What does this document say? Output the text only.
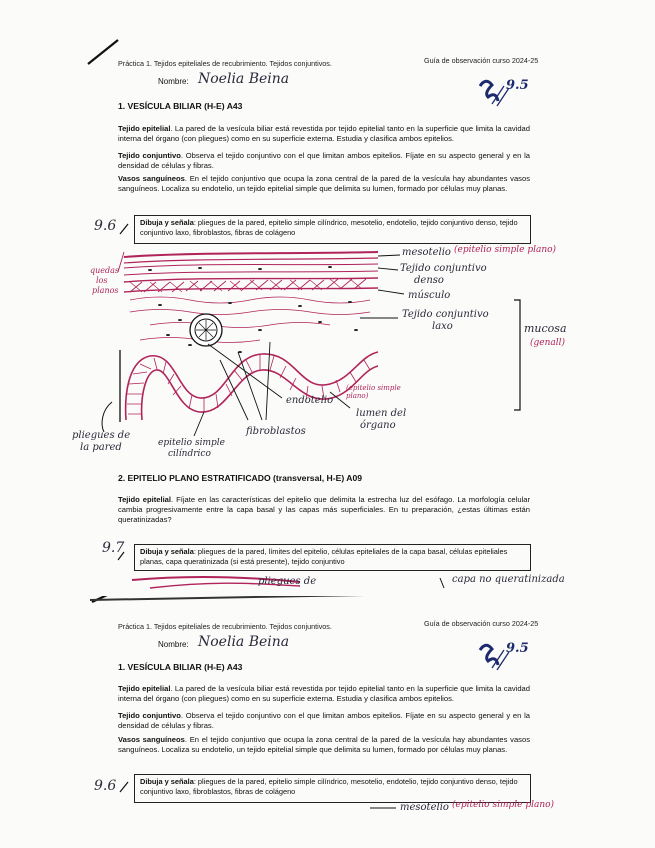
Práctica 1. Tejidos epiteliales de recubrimiento. Tejidos conjuntivos.	Guía de observación curso 2024-25
Nombre: Noelia Beina	9.5
1. VESÍCULA BILIAR (H-E) A43
Tejido epitelial. La pared de la vesícula biliar está revestida por tejido epitelial tanto en la superficie que limita la cavidad interna del órgano (con pliegues) como en su superficie externa. Estudia y clasifica ambos epitelios.
Tejido conjuntivo. Observa el tejido conjuntivo con el que limitan ambos epitelios. Fíjate en su aspecto general y en la densidad de células y fibras.
Vasos sanguíneos. En el tejido conjuntivo que ocupa la zona central de la pared de la vesícula hay abundantes vasos sanguíneos. Localiza su endotelio, un tejido epitelial simple que delimita su lumen, formado por células muy planas.
9.6	Dibuja y señala: pliegues de la pared, epitelio simple cilíndrico, mesotelio, endotelio, tejido conjuntivo denso, tejido conjuntivo laxo, fibroblastos, fibras de colágeno
mesotelio (epitelio simple plano)
Tejido conjuntivo
denso
músculo
Tejido conjuntivo
laxo	mucosa
(genall)
endotelio
(epitelio simple plano)
lumen del
órgano
fibroblastos
epitelio simple
cilíndrico
pliegues de
la pared
quedas
los
planos
2. EPITELIO PLANO ESTRATIFICADO (transversal, H-E) A09
Tejido epitelial. Fíjate en las características del epitelio que delimita la estrecha luz del esófago. La morfología celular cambia progresivamente entre la capa basal y las capas más superficiales. En tu preparación, ¿estas últimas están queratinizadas?
9.7	Dibuja y señala: pliegues de la pared, límites del epitelio, células epiteliales de la capa basal, células epiteliales planas, capa queratinizada (si está presente), tejido conjuntivo
pliegues de	capa no queratinizada
Práctica 1. Tejidos epiteliales de recubrimiento. Tejidos conjuntivos.	Guía de observación curso 2024-25
Nombre: Noelia Beina	9.5
1. VESÍCULA BILIAR (H-E) A43
Tejido epitelial. La pared de la vesícula biliar está revestida por tejido epitelial tanto en la superficie que limita la cavidad interna del órgano (con pliegues) como en su superficie externa. Estudia y clasifica ambos epitelios.
Tejido conjuntivo. Observa el tejido conjuntivo con el que limitan ambos epitelios. Fíjate en su aspecto general y en la densidad de células y fibras.
Vasos sanguíneos. En el tejido conjuntivo que ocupa la zona central de la pared de la vesícula hay abundantes vasos sanguíneos. Localiza su endotelio, un tejido epitelial simple que delimita su lumen, formado por células muy planas.
9.6	Dibuja y señala: pliegues de la pared, epitelio simple cilíndrico, mesotelio, endotelio, tejido conjuntivo denso, tejido conjuntivo laxo, fibroblastos, fibras de colágeno
mesotelio (epitelio simple plano)
